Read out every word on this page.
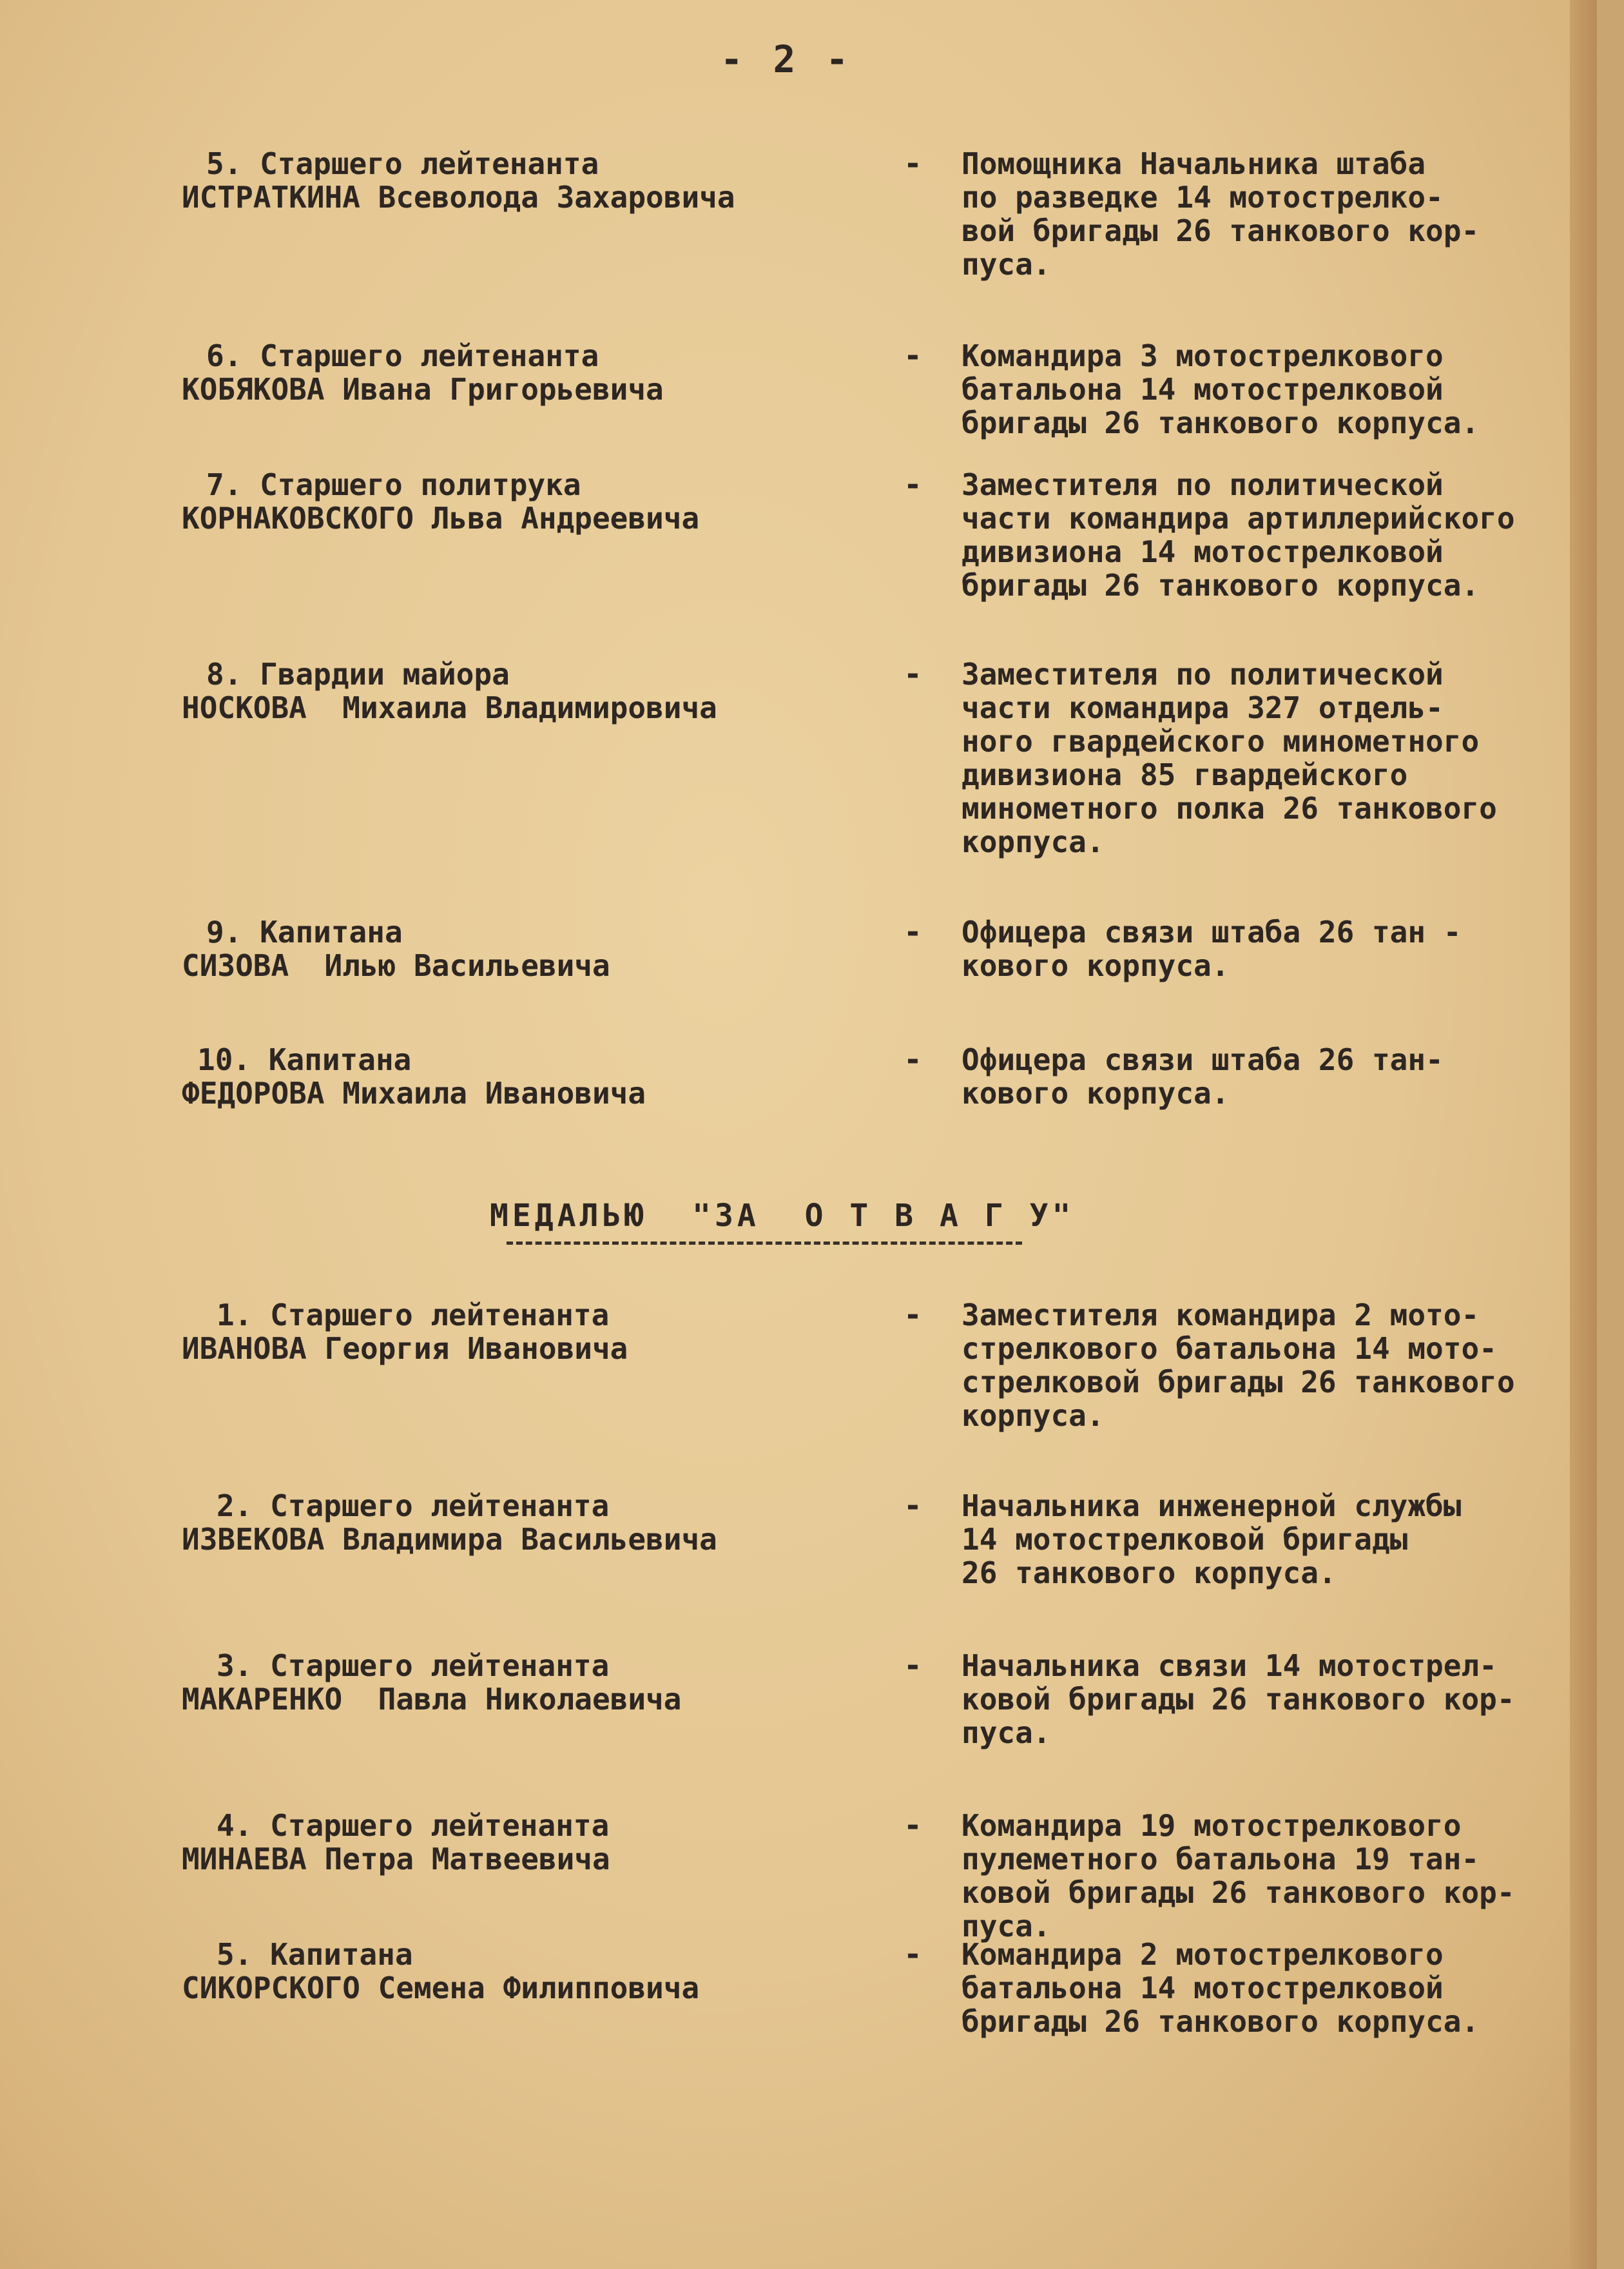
- 2 -
5. Старшего лейтенанта
ИСТРАТКИНА Всеволода Захаровича
- Помощника Начальника штаба
по разведке 14 мотострелко-
вой бригады 26 танкового кор-
пуса.
6. Старшего лейтенанта
КОБЯКОВА Ивана Григорьевича
- Командира 3 мотострелкового
батальона 14 мотострелковой
бригады 26 танкового корпуса.
7. Старшего политрука
КОРНАКОВСКОГО Льва Андреевича
- Заместителя по политической
части командира артиллерийского
дивизиона 14 мотострелковой
бригады 26 танкового корпуса.
8. Гвардии майора
НОСКОВА  Михаила Владимировича
- Заместителя по политической
части командира 327 отдель-
ного гвардейского минометного
дивизиона 85 гвардейского
минометного полка 26 танкового
корпуса.
9. Капитана
СИЗОВА  Илью Васильевича
- Офицера связи штаба 26 тан -
кового корпуса.
10. Капитана
ФЕДОРОВА Михаила Ивановича
- Офицера связи штаба 26 тан-
кового корпуса.
МЕДАЛЬЮ  "ЗА  О Т В А Г У"
1. Старшего лейтенанта
ИВАНОВА Георгия Ивановича
- Заместителя командира 2 мото-
стрелкового батальона 14 мото-
стрелковой бригады 26 танкового
корпуса.
2. Старшего лейтенанта
ИЗВЕКОВА Владимира Васильевича
- Начальника инженерной службы
14 мотострелковой бригады
26 танкового корпуса.
3. Старшего лейтенанта
МАКАРЕНКО  Павла Николаевича
- Начальника связи 14 мотострел-
ковой бригады 26 танкового кор-
пуса.
4. Старшего лейтенанта
МИНАЕВА Петра Матвеевича
- Командира 19 мотострелкового
пулеметного батальона 19 тан-
ковой бригады 26 танкового кор-
пуса.
5. Капитана
СИКОРСКОГО Семена Филипповича
- Командира 2 мотострелкового
батальона 14 мотострелковой
бригады 26 танкового корпуса.
